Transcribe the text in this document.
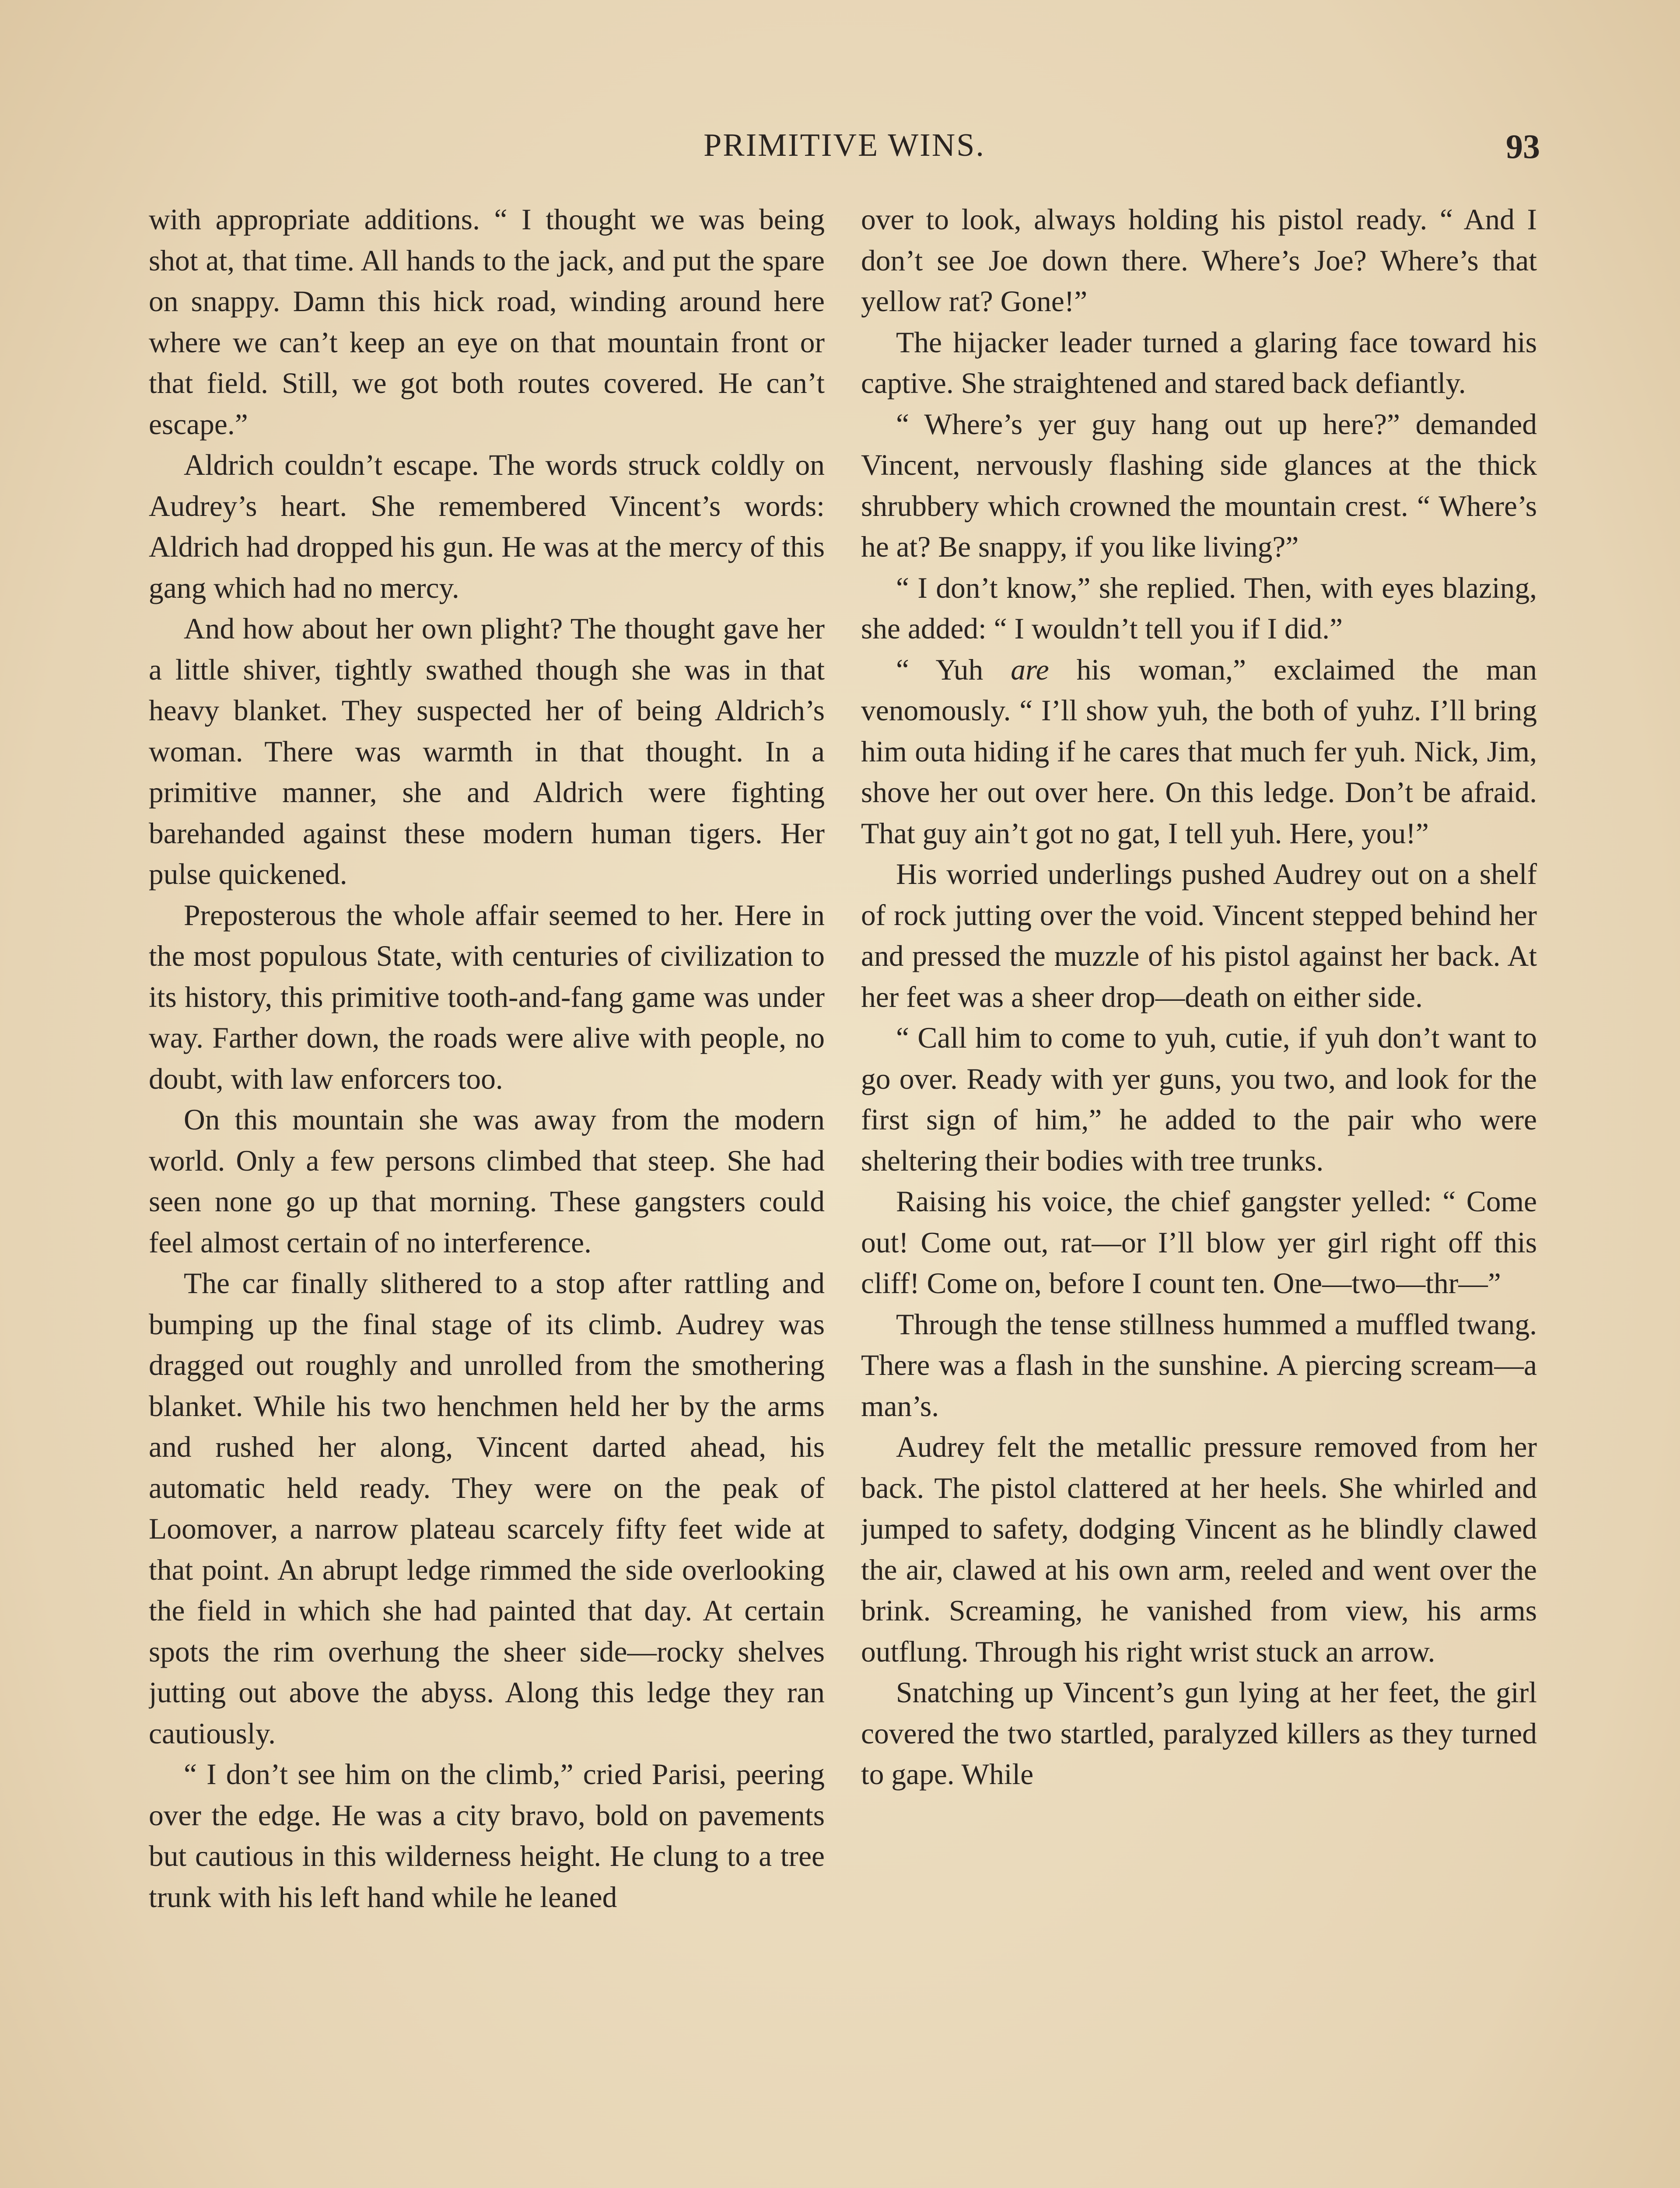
PRIMITIVE WINS.	93

with appropriate additions. “ I thought we was being shot at, that time. All hands to the jack, and put the spare on snappy. Damn this hick road, winding around here where we can’t keep an eye on that mountain front or that field. Still, we got both routes covered. He can’t escape.”

Aldrich couldn’t escape. The words struck coldly on Audrey’s heart. She remembered Vincent’s words: Aldrich had dropped his gun. He was at the mercy of this gang which had no mercy.

And how about her own plight? The thought gave her a little shiver, tightly swathed though she was in that heavy blanket. They suspected her of being Aldrich’s woman. There was warmth in that thought. In a primitive manner, she and Aldrich were fighting barehanded against these modern human tigers. Her pulse quickened.

Preposterous the whole affair seemed to her. Here in the most populous State, with centuries of civilization to its history, this primitive tooth-and-fang game was under way. Farther down, the roads were alive with people, no doubt, with law enforcers too.

On this mountain she was away from the modern world. Only a few persons climbed that steep. She had seen none go up that morning. These gangsters could feel almost certain of no interference.

The car finally slithered to a stop after rattling and bumping up the final stage of its climb. Audrey was dragged out roughly and unrolled from the smothering blanket. While his two henchmen held her by the arms and rushed her along, Vincent darted ahead, his automatic held ready. They were on the peak of Loomover, a narrow plateau scarcely fifty feet wide at that point. An abrupt ledge rimmed the side overlooking the field in which she had painted that day. At certain spots the rim overhung the sheer side—rocky shelves jutting out above the abyss. Along this ledge they ran cautiously.

“ I don’t see him on the climb,” cried Parisi, peering over the edge. He was a city bravo, bold on pavements but cautious in this wilderness height. He clung to a tree trunk with his left hand while he leaned

over to look, always holding his pistol ready. “ And I don’t see Joe down there. Where’s Joe? Where’s that yellow rat? Gone!”

The hijacker leader turned a glaring face toward his captive. She straightened and stared back defiantly.

“ Where’s yer guy hang out up here?” demanded Vincent, nervously flashing side glances at the thick shrubbery which crowned the mountain crest. “ Where’s he at? Be snappy, if you like living?”

“ I don’t know,” she replied. Then, with eyes blazing, she added: “ I wouldn’t tell you if I did.”

“ Yuh are his woman,” exclaimed the man venomously. “ I’ll show yuh, the both of yuhz. I’ll bring him outa hiding if he cares that much fer yuh. Nick, Jim, shove her out over here. On this ledge. Don’t be afraid. That guy ain’t got no gat, I tell yuh. Here, you!”

His worried underlings pushed Audrey out on a shelf of rock jutting over the void. Vincent stepped behind her and pressed the muzzle of his pistol against her back. At her feet was a sheer drop—death on either side.

“ Call him to come to yuh, cutie, if yuh don’t want to go over. Ready with yer guns, you two, and look for the first sign of him,” he added to the pair who were sheltering their bodies with tree trunks.

Raising his voice, the chief gangster yelled: “ Come out! Come out, rat—or I’ll blow yer girl right off this cliff! Come on, before I count ten. One—two—thr—”

Through the tense stillness hummed a muffled twang. There was a flash in the sunshine. A piercing scream—a man’s.

Audrey felt the metallic pressure removed from her back. The pistol clattered at her heels. She whirled and jumped to safety, dodging Vincent as he blindly clawed the air, clawed at his own arm, reeled and went over the brink. Screaming, he vanished from view, his arms outflung. Through his right wrist stuck an arrow.

Snatching up Vincent’s gun lying at her feet, the girl covered the two startled, paralyzed killers as they turned to gape. While
